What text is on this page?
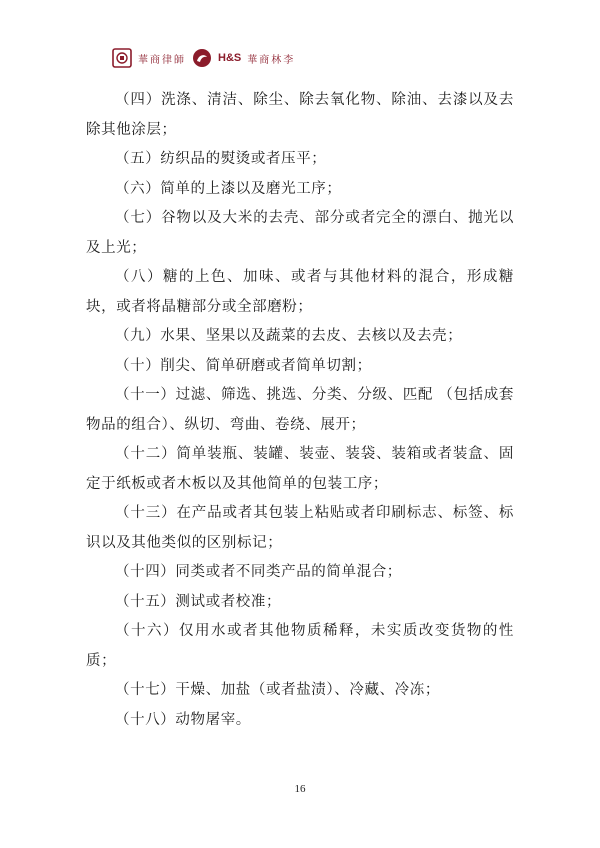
華商律師	H&S 華商林李

（四）洗涤、清洁、除尘、除去氧化物、除油、去漆以及去除其他涂层；

（五）纺织品的熨烫或者压平；

（六）简单的上漆以及磨光工序；

（七）谷物以及大米的去壳、部分或者完全的漂白、抛光以及上光；

（八）糖的上色、加味、或者与其他材料的混合，形成糖块，或者将晶糖部分或全部磨粉；

（九）水果、坚果以及蔬菜的去皮、去核以及去壳；

（十）削尖、简单研磨或者简单切割；

（十一）过滤、筛选、挑选、分类、分级、匹配 （包括成套物品的组合）、纵切、弯曲、卷绕、展开；

（十二）简单装瓶、装罐、装壶、装袋、装箱或者装盒、固定于纸板或者木板以及其他简单的包装工序；

（十三）在产品或者其包装上粘贴或者印刷标志、标签、标识以及其他类似的区别标记；

（十四）同类或者不同类产品的简单混合；

（十五）测试或者校准；

（十六）仅用水或者其他物质稀释，未实质改变货物的性质；

（十七）干燥、加盐（或者盐渍）、冷藏、冷冻；

（十八）动物屠宰。

16
